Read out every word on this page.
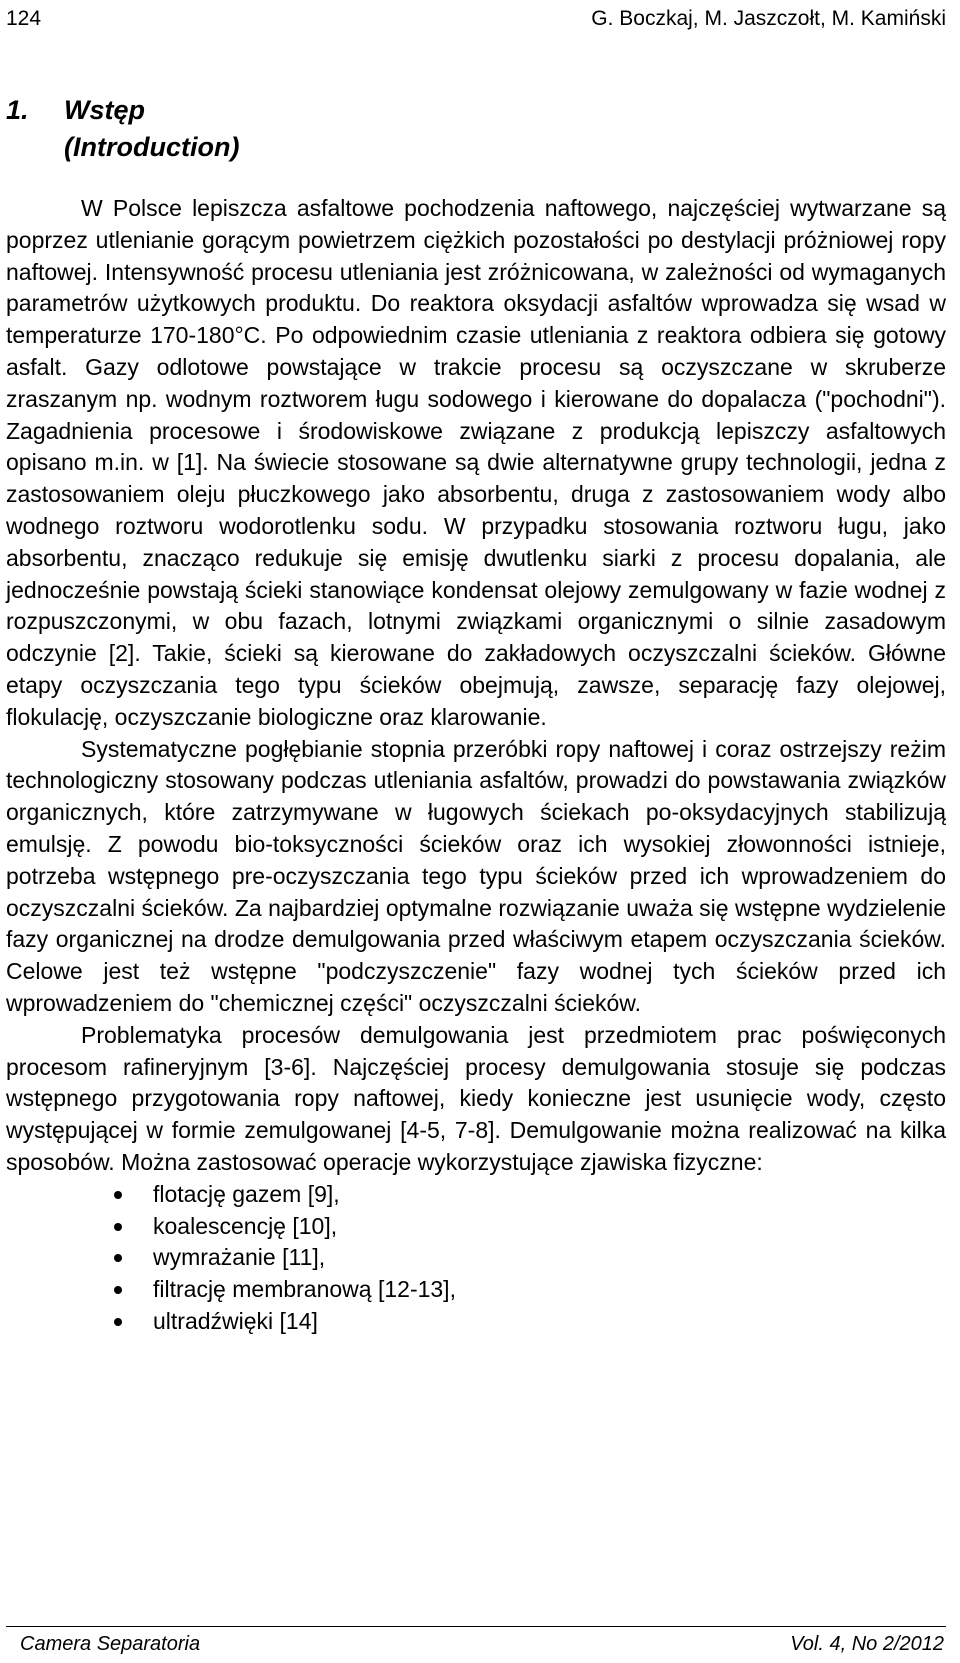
124	G. Boczkaj, M. Jaszczołt, M. Kamiński
1. Wstęp
(Introduction)

W Polsce lepiszcza asfaltowe pochodzenia naftowego, najczęściej wytwarzane są poprzez utlenianie gorącym powietrzem ciężkich pozostałości po destylacji próżniowej ropy naftowej. Intensywność procesu utleniania jest zróżnicowana, w zależności od wymaganych parametrów użytkowych produktu. Do reaktora oksydacji asfaltów wprowadza się wsad w temperaturze 170-180°C. Po odpowiednim czasie utleniania z reaktora odbiera się gotowy asfalt. Gazy odlotowe powstające w trakcie procesu są oczyszczane w skruberze zraszanym np. wodnym roztworem ługu sodowego i kierowane do dopalacza ("pochodni"). Zagadnienia procesowe i środowiskowe związane z produkcją lepiszczy asfaltowych opisano m.in. w [1]. Na świecie stosowane są dwie alternatywne grupy technologii, jedna z zastosowaniem oleju płuczkowego jako absorbentu, druga z zastosowaniem wody albo wodnego roztworu wodorotlenku sodu. W przypadku stosowania roztworu ługu, jako absorbentu, znacząco redukuje się emisję dwutlenku siarki z procesu dopalania, ale jednocześnie powstają ścieki stanowiące kondensat olejowy zemulgowany w fazie wodnej z rozpuszczonymi, w obu fazach, lotnymi związkami organicznymi o silnie zasadowym odczynie [2]. Takie, ścieki są kierowane do zakładowych oczyszczalni ścieków. Główne etapy oczyszczania tego typu ścieków obejmują, zawsze, separację fazy olejowej, flokulację, oczyszczanie biologiczne oraz klarowanie.

Systematyczne pogłębianie stopnia przeróbki ropy naftowej i coraz ostrzejszy reżim technologiczny stosowany podczas utleniania asfaltów, prowadzi do powstawania związków organicznych, które zatrzymywane w ługowych ściekach po-oksydacyjnych stabilizują emulsję. Z powodu bio-toksyczności ścieków oraz ich wysokiej złowonności istnieje, potrzeba wstępnego pre-oczyszczania tego typu ścieków przed ich wprowadzeniem do oczyszczalni ścieków. Za najbardziej optymalne rozwiązanie uważa się wstępne wydzielenie fazy organicznej na drodze demulgowania przed właściwym etapem oczyszczania ścieków. Celowe jest też wstępne "podczyszczenie" fazy wodnej tych ścieków przed ich wprowadzeniem do "chemicznej części" oczyszczalni ścieków.

Problematyka procesów demulgowania jest przedmiotem prac poświęconych procesom rafineryjnym [3-6]. Najczęściej procesy demulgowania stosuje się podczas wstępnego przygotowania ropy naftowej, kiedy konieczne jest usunięcie wody, często występującej w formie zemulgowanej [4-5, 7-8]. Demulgowanie można realizować na kilka sposobów. Można zastosować operacje wykorzystujące zjawiska fizyczne:

flotację gazem [9],
koalescencję [10],
wymrażanie [11],
filtrację membranową [12-13],
ultradźwięki [14]
Camera Separatoria	Vol. 4, No 2/2012
